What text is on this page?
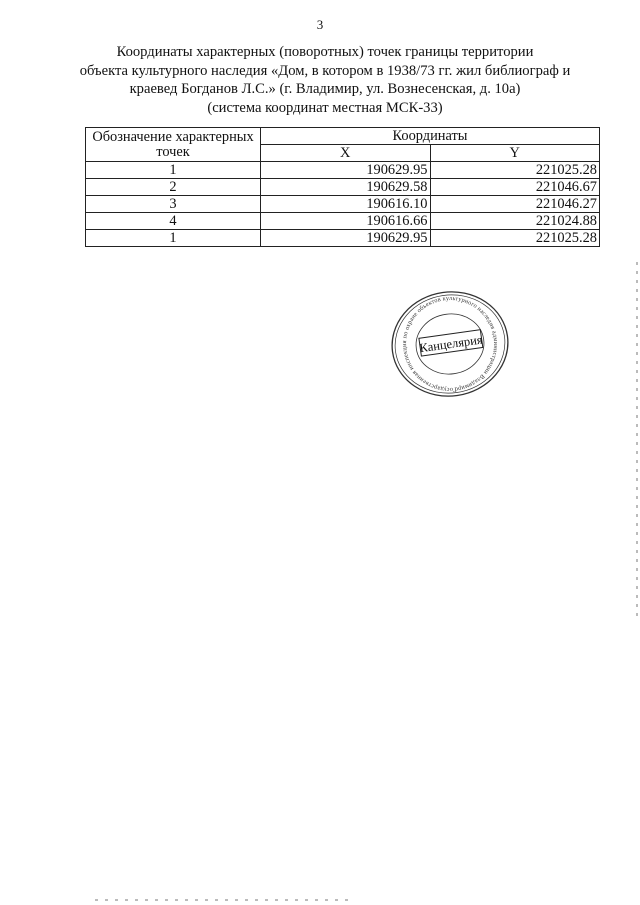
3
Координаты характерных (поворотных) точек границы территории
объекта культурного наследия «Дом, в котором в 1938/73 гг. жил библиограф и
краевед Богданов Л.С.» (г. Владимир, ул. Вознесенская, д. 10а)
(система координат местная МСК-33)
Обозначение характерных точек	Координаты	
	X	Y
1	190629.95	221025.28
2	190629.58	221046.67
3	190616.10	221046.27
4	190616.66	221024.88
1	190629.95	221025.28
Государственная инспекция по охране объектов культурного наследия администрации Владимирской
Канцелярия
